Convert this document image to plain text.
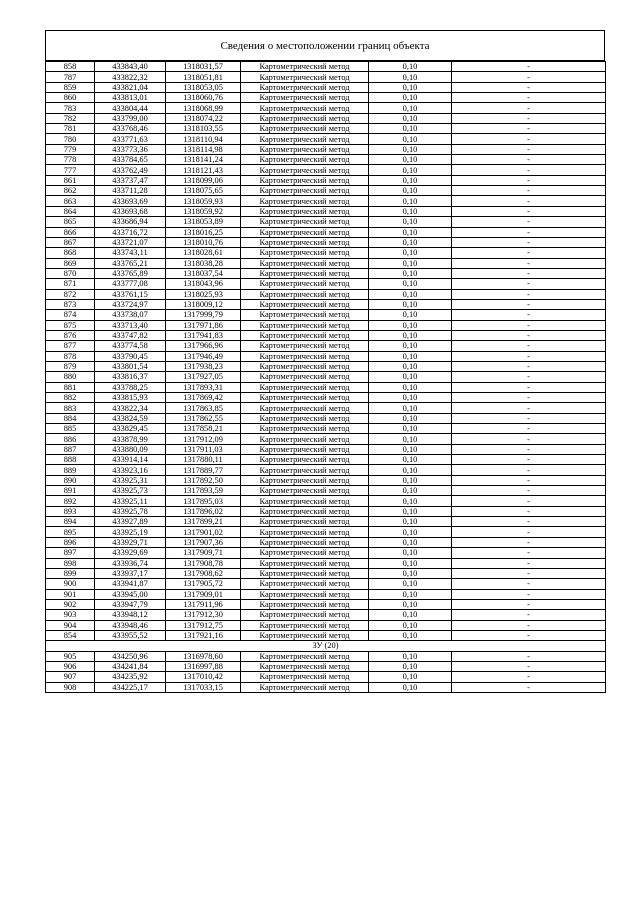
Сведения о местоположении границ объекта
858	433843,40	1318031,57	Картометрический метод	0,10	-
787	433822,32	1318051,81	Картометрический метод	0,10	-
859	433821,04	1318053,05	Картометрический метод	0,10	-
860	433813,01	1318060,76	Картометрический метод	0,10	-
783	433804,44	1318068,99	Картометрический метод	0,10	-
782	433799,00	1318074,22	Картометрический метод	0,10	-
781	433768,46	1318103,55	Картометрический метод	0,10	-
780	433771,63	1318110,94	Картометрический метод	0,10	-
779	433773,36	1318114,98	Картометрический метод	0,10	-
778	433784,65	1318141,24	Картометрический метод	0,10	-
777	433762,49	1318121,43	Картометрический метод	0,10	-
861	433737,47	1318099,06	Картометрический метод	0,10	-
862	433711,28	1318075,65	Картометрический метод	0,10	-
863	433693,69	1318059,93	Картометрический метод	0,10	-
864	433693,68	1318059,92	Картометрический метод	0,10	-
865	433686,94	1318053,89	Картометрический метод	0,10	-
866	433716,72	1318016,25	Картометрический метод	0,10	-
867	433721,07	1318010,76	Картометрический метод	0,10	-
868	433743,11	1318028,61	Картометрический метод	0,10	-
869	433765,21	1318038,28	Картометрический метод	0,10	-
870	433765,89	1318037,54	Картометрический метод	0,10	-
871	433777,08	1318043,96	Картометрический метод	0,10	-
872	433761,15	1318025,93	Картометрический метод	0,10	-
873	433724,97	1318009,12	Картометрический метод	0,10	-
874	433738,07	1317999,79	Картометрический метод	0,10	-
875	433713,40	1317971,86	Картометрический метод	0,10	-
876	433747,82	1317941,83	Картометрический метод	0,10	-
877	433774,58	1317966,96	Картометрический метод	0,10	-
878	433790,45	1317946,49	Картометрический метод	0,10	-
879	433801,54	1317938,23	Картометрический метод	0,10	-
880	433816,37	1317927,05	Картометрический метод	0,10	-
881	433788,25	1317893,31	Картометрический метод	0,10	-
882	433815,93	1317869,42	Картометрический метод	0,10	-
883	433822,34	1317863,85	Картометрический метод	0,10	-
884	433824,59	1317862,55	Картометрический метод	0,10	-
885	433829,45	1317858,21	Картометрический метод	0,10	-
886	433878,99	1317912,09	Картометрический метод	0,10	-
887	433880,09	1317911,03	Картометрический метод	0,10	-
888	433914,14	1317880,11	Картометрический метод	0,10	-
889	433923,16	1317889,77	Картометрический метод	0,10	-
890	433925,31	1317892,50	Картометрический метод	0,10	-
891	433925,73	1317893,59	Картометрический метод	0,10	-
892	433925,11	1317895,03	Картометрический метод	0,10	-
893	433925,78	1317896,02	Картометрический метод	0,10	-
894	433927,89	1317899,21	Картометрический метод	0,10	-
895	433925,19	1317901,02	Картометрический метод	0,10	-
896	433929,71	1317907,36	Картометрический метод	0,10	-
897	433929,69	1317909,71	Картометрический метод	0,10	-
898	433936,74	1317908,78	Картометрический метод	0,10	-
899	433937,17	1317908,62	Картометрический метод	0,10	-
900	433941,87	1317905,72	Картометрический метод	0,10	-
901	433945,00	1317909,01	Картометрический метод	0,10	-
902	433947,79	1317911,96	Картометрический метод	0,10	-
903	433948,12	1317912,30	Картометрический метод	0,10	-
904	433948,46	1317912,75	Картометрический метод	0,10	-
854	433955,52	1317921,16	Картометрический метод	0,10	-
ЗУ (20)					
905	434250,96	1316978,60	Картометрический метод	0,10	-
906	434241,84	1316997,88	Картометрический метод	0,10	-
907	434235,92	1317010,42	Картометрический метод	0,10	-
908	434225,17	1317033,15	Картометрический метод	0,10	-
